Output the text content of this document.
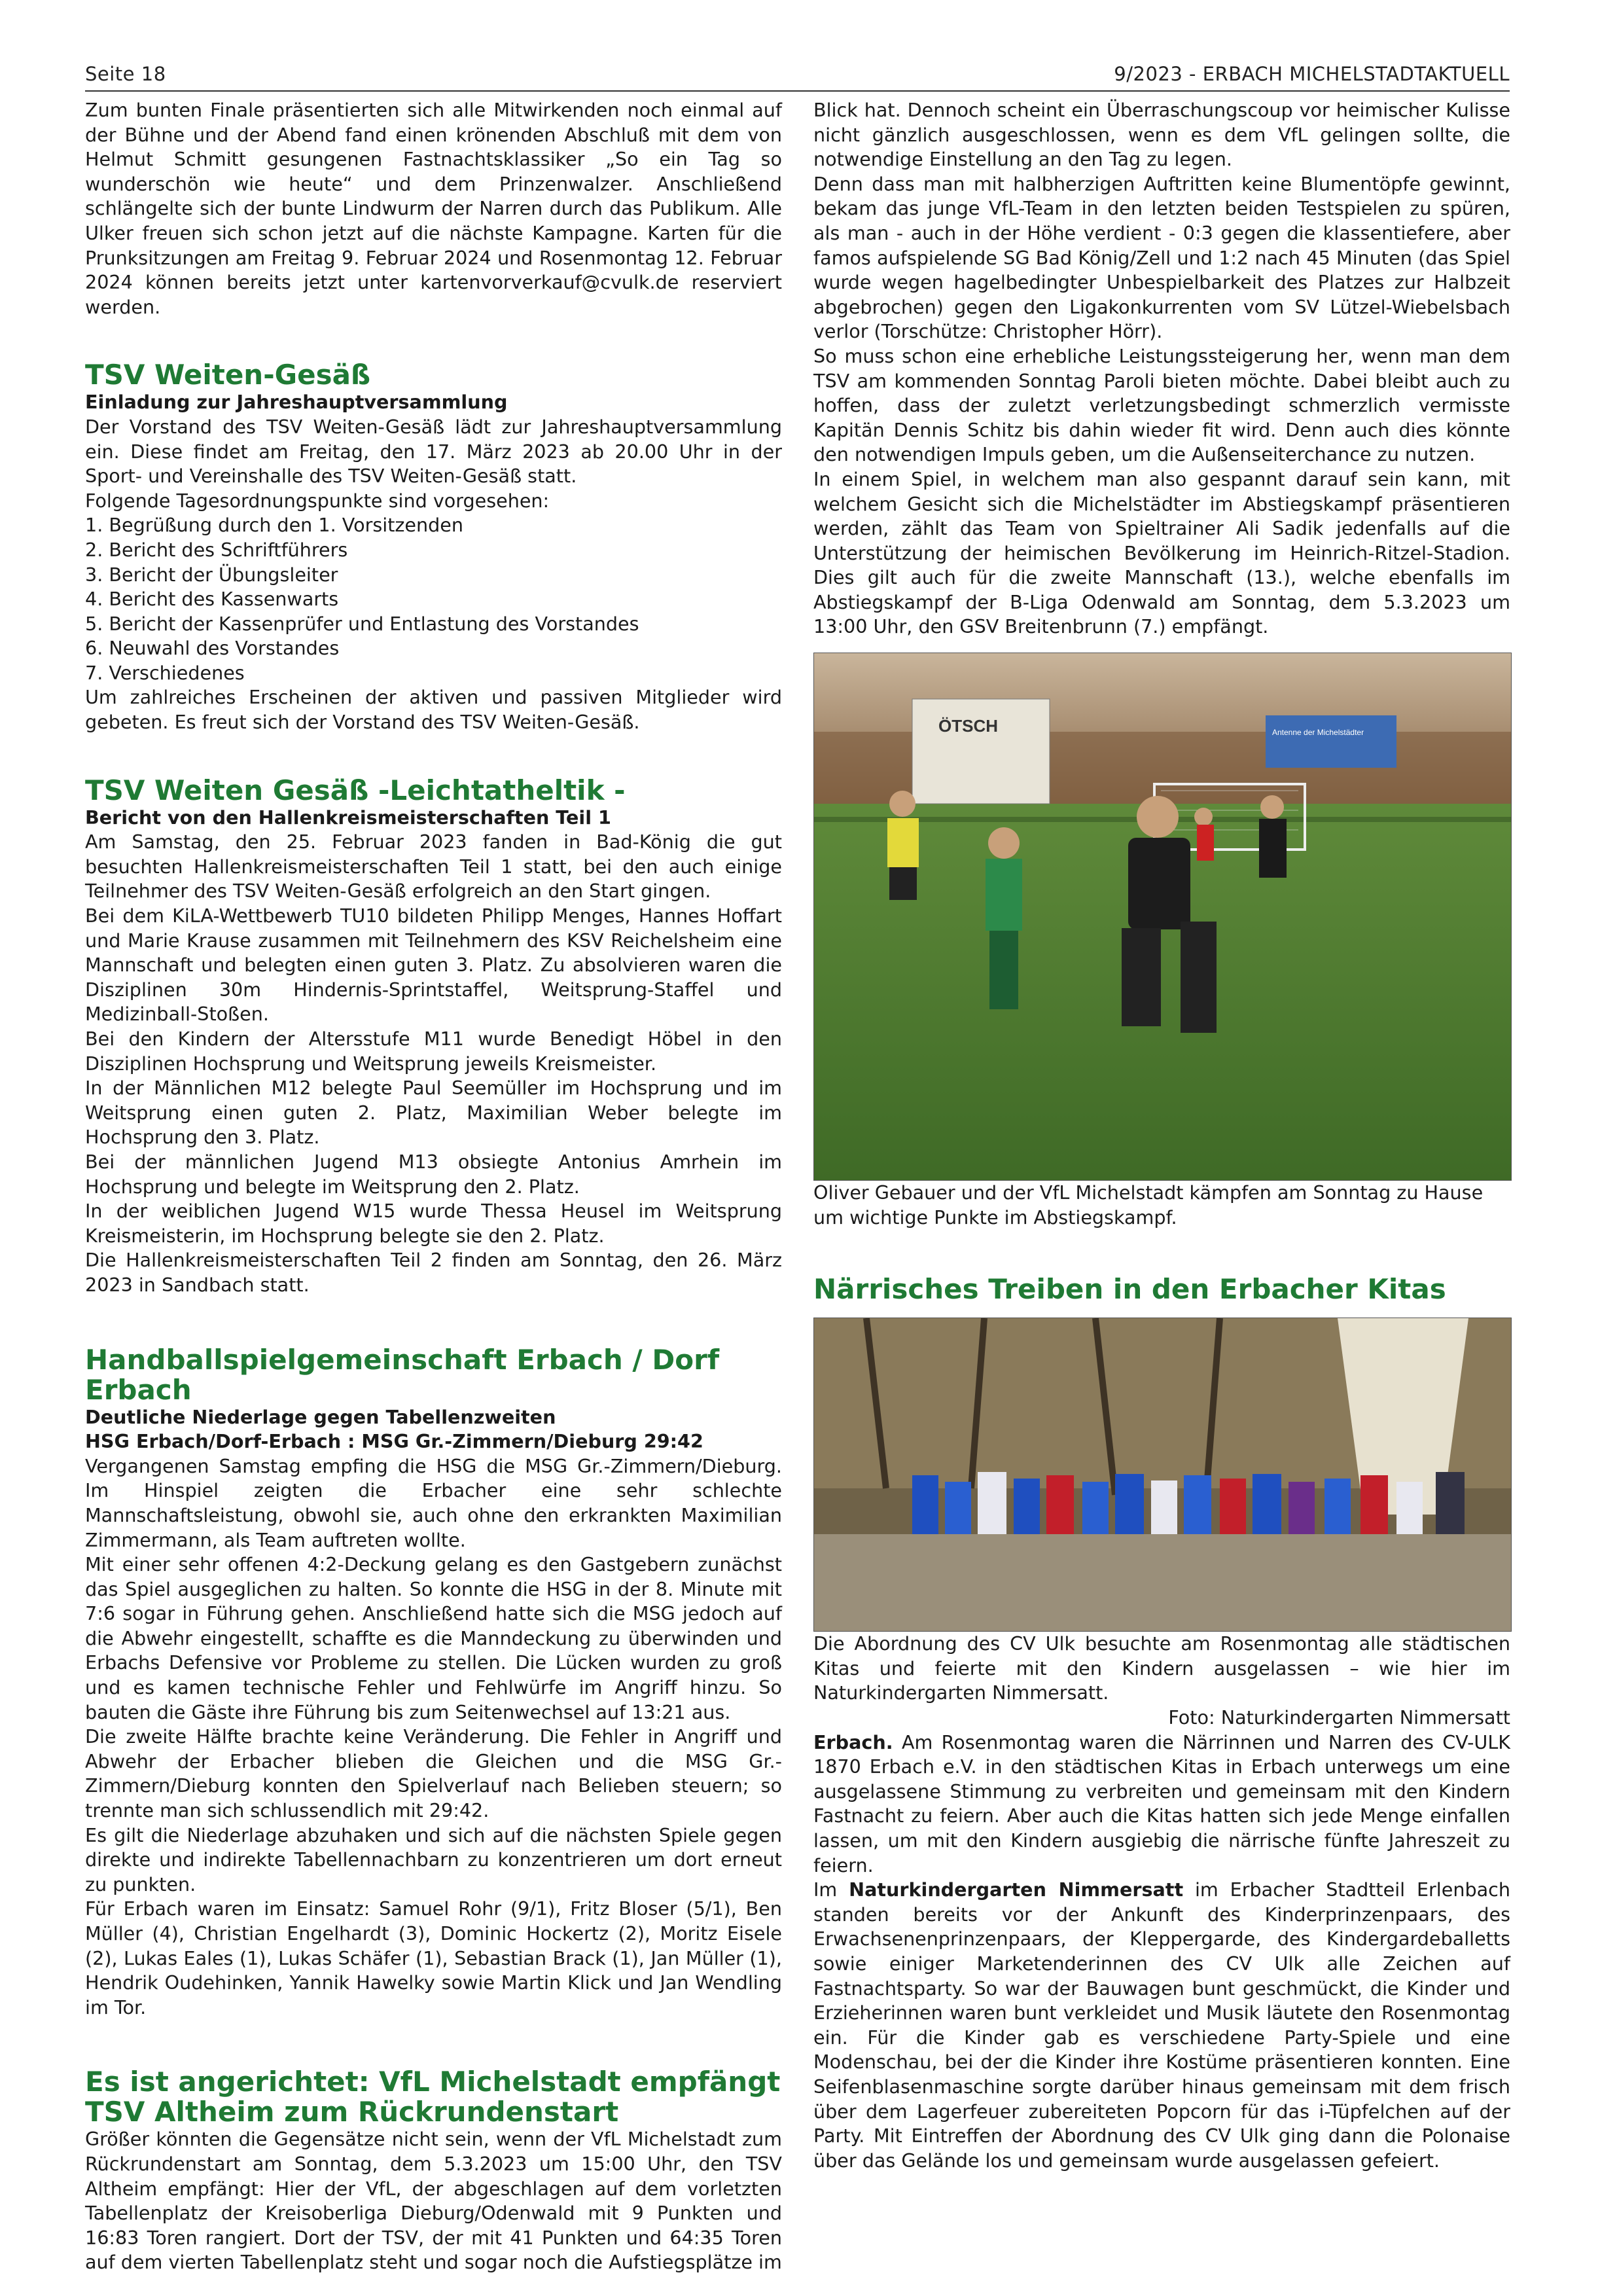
Seite 18	9/2023 - ERBACH MICHELSTADTAKTUELL

Zum bunten Finale präsentierten sich alle Mitwirkenden noch einmal auf der Bühne und der Abend fand einen krönenden Abschluß mit dem von Helmut Schmitt gesungenen Fastnachtsklassiker „So ein Tag so wunderschön wie heute“ und dem Prinzenwalzer. Anschließend schlängelte sich der bunte Lindwurm der Narren durch das Publikum. Alle Ulker freuen sich schon jetzt auf die nächste Kampagne. Karten für die Prunksitzungen am Freitag 9. Februar 2024 und Rosenmontag 12. Februar 2024 können bereits jetzt unter kartenvorverkauf@cvulk.de reserviert werden.

TSV Weiten-Gesäß

Einladung zur Jahreshauptversammlung

Der Vorstand des TSV Weiten-Gesäß lädt zur Jahreshauptversammlung ein. Diese findet am Freitag, den 17. März 2023 ab 20.00 Uhr in der Sport- und Vereinshalle des TSV Weiten-Gesäß statt.

Folgende Tagesordnungspunkte sind vorgesehen:

1. Begrüßung durch den 1. Vorsitzenden
2. Bericht des Schriftführers
3. Bericht der Übungsleiter
4. Bericht des Kassenwarts
5. Bericht der Kassenprüfer und Entlastung des Vorstandes
6. Neuwahl des Vorstandes
7. Verschiedenes

Um zahlreiches Erscheinen der aktiven und passiven Mitglieder wird gebeten. Es freut sich der Vorstand des TSV Weiten-Gesäß.

TSV Weiten Gesäß -Leichtatheltik -

Bericht von den Hallenkreismeisterschaften Teil 1

Am Samstag, den 25. Februar 2023 fanden in Bad-König die gut besuchten Hallenkreismeisterschaften Teil 1 statt, bei den auch einige Teilnehmer des TSV Weiten-Gesäß erfolgreich an den Start gingen.

Bei dem KiLA-Wettbewerb TU10 bildeten Philipp Menges, Hannes Hoffart und Marie Krause zusammen mit Teilnehmern des KSV Reichelsheim eine Mannschaft und belegten einen guten 3. Platz. Zu absolvieren waren die Disziplinen 30m Hindernis-Sprintstaffel, Weitsprung-Staffel und Medizinball-Stoßen.

Bei den Kindern der Altersstufe M11 wurde Benedigt Höbel in den Disziplinen Hochsprung und Weitsprung jeweils Kreismeister.

In der Männlichen M12 belegte Paul Seemüller im Hochsprung und im Weitsprung einen guten 2. Platz, Maximilian Weber belegte im Hochsprung den 3. Platz.

Bei der männlichen Jugend M13 obsiegte Antonius Amrhein im Hochsprung und belegte im Weitsprung den 2. Platz.

In der weiblichen Jugend W15 wurde Thessa Heusel im Weitsprung Kreismeisterin, im Hochsprung belegte sie den 2. Platz.

Die Hallenkreismeisterschaften Teil 2 finden am Sonntag, den 26. März 2023 in Sandbach statt.

Handballspielgemeinschaft Erbach / Dorf Erbach

Deutliche Niederlage gegen Tabellenzweiten

HSG Erbach/Dorf-Erbach : MSG Gr.-Zimmern/Dieburg 29:42

Vergangenen Samstag empfing die HSG die MSG Gr.-Zimmern/Dieburg. Im Hinspiel zeigten die Erbacher eine sehr schlechte Mannschaftsleistung, obwohl sie, auch ohne den erkrankten Maximilian Zimmermann, als Team auftreten wollte.

Mit einer sehr offenen 4:2-Deckung gelang es den Gastgebern zunächst das Spiel ausgeglichen zu halten. So konnte die HSG in der 8. Minute mit 7:6 sogar in Führung gehen. Anschließend hatte sich die MSG jedoch auf die Abwehr eingestellt, schaffte es die Manndeckung zu überwinden und Erbachs Defensive vor Probleme zu stellen. Die Lücken wurden zu groß und es kamen technische Fehler und Fehlwürfe im Angriff hinzu. So bauten die Gäste ihre Führung bis zum Seitenwechsel auf 13:21 aus.

Die zweite Hälfte brachte keine Veränderung. Die Fehler in Angriff und Abwehr der Erbacher blieben die Gleichen und die MSG Gr.-Zimmern/Dieburg konnten den Spielverlauf nach Belieben steuern; so trennte man sich schlussendlich mit 29:42.

Es gilt die Niederlage abzuhaken und sich auf die nächsten Spiele gegen direkte und indirekte Tabellennachbarn zu konzentrieren um dort erneut zu punkten.

Für Erbach waren im Einsatz: Samuel Rohr (9/1), Fritz Bloser (5/1), Ben Müller (4), Christian Engelhardt (3), Dominic Hockertz (2), Moritz Eisele (2), Lukas Eales (1), Lukas Schäfer (1), Sebastian Brack (1), Jan Müller (1), Hendrik Oudehinken, Yannik Hawelky sowie Martin Klick und Jan Wendling im Tor.

Es ist angerichtet: VfL Michelstadt empfängt
TSV Altheim zum Rückrundenstart

Größer könnten die Gegensätze nicht sein, wenn der VfL Michelstadt zum Rückrundenstart am Sonntag, dem 5.3.2023 um 15:00 Uhr, den TSV Altheim empfängt: Hier der VfL, der abgeschlagen auf dem vorletzten Tabellenplatz der Kreisoberliga Dieburg/Odenwald mit 9 Punkten und 16:83 Toren rangiert. Dort der TSV, der mit 41 Punkten und 64:35 Toren auf dem vierten Tabellenplatz steht und sogar noch die Aufstiegsplätze im

Blick hat. Dennoch scheint ein Überraschungscoup vor heimischer Kulisse nicht gänzlich ausgeschlossen, wenn es dem VfL gelingen sollte, die notwendige Einstellung an den Tag zu legen.

Denn dass man mit halbherzigen Auftritten keine Blumentöpfe gewinnt, bekam das junge VfL-Team in den letzten beiden Testspielen zu spüren, als man - auch in der Höhe verdient - 0:3 gegen die klassentiefere, aber famos aufspielende SG Bad König/Zell und 1:2 nach 45 Minuten (das Spiel wurde wegen hagelbedingter Unbespielbarkeit des Platzes zur Halbzeit abgebrochen) gegen den Ligakonkurrenten vom SV Lützel-Wiebelsbach verlor (Torschütze: Christopher Hörr).

So muss schon eine erhebliche Leistungssteigerung her, wenn man dem TSV am kommenden Sonntag Paroli bieten möchte. Dabei bleibt auch zu hoffen, dass der zuletzt verletzungsbedingt schmerzlich vermisste Kapitän Dennis Schitz bis dahin wieder fit wird. Denn auch dies könnte den notwendigen Impuls geben, um die Außenseiterchance zu nutzen.

In einem Spiel, in welchem man also gespannt darauf sein kann, mit welchem Gesicht sich die Michelstädter im Abstiegskampf präsentieren werden, zählt das Team von Spieltrainer Ali Sadik jedenfalls auf die Unterstützung der heimischen Bevölkerung im Heinrich-Ritzel-Stadion. Dies gilt auch für die zweite Mannschaft (13.), welche ebenfalls im Abstiegskampf der B-Liga Odenwald am Sonntag, dem 5.3.2023 um 13:00 Uhr, den GSV Breitenbrunn (7.) empfängt.

ÖTSCH	Antenne der Michelstädter

Oliver Gebauer und der VfL Michelstadt kämpfen am Sonntag zu Hause um wichtige Punkte im Abstiegskampf.

Närrisches Treiben in den Erbacher Kitas

Die Abordnung des CV Ulk besuchte am Rosenmontag alle städtischen Kitas und feierte mit den Kindern ausgelassen – wie hier im Naturkindergarten Nimmersatt.

Foto: Naturkindergarten Nimmersatt

Erbach. Am Rosenmontag waren die Närrinnen und Narren des CV-ULK 1870 Erbach e.V. in den städtischen Kitas in Erbach unterwegs um eine ausgelassene Stimmung zu verbreiten und gemeinsam mit den Kindern Fastnacht zu feiern. Aber auch die Kitas hatten sich jede Menge einfallen lassen, um mit den Kindern ausgiebig die närrische fünfte Jahreszeit zu feiern.

Im Naturkindergarten Nimmersatt im Erbacher Stadtteil Erlenbach standen bereits vor der Ankunft des Kinderprinzenpaars, des Erwachsenenprinzenpaars, der Kleppergarde, des Kindergardeballetts sowie einiger Marketenderinnen des CV Ulk alle Zeichen auf Fastnachtsparty. So war der Bauwagen bunt geschmückt, die Kinder und Erzieherinnen waren bunt verkleidet und Musik läutete den Rosenmontag ein. Für die Kinder gab es verschiedene Party-Spiele und eine Modenschau, bei der die Kinder ihre Kostüme präsentieren konnten. Eine Seifenblasenmaschine sorgte darüber hinaus gemeinsam mit dem frisch über dem Lagerfeuer zubereiteten Popcorn für das i-Tüpfelchen auf der Party. Mit Eintreffen der Abordnung des CV Ulk ging dann die Polonaise über das Gelände los und gemeinsam wurde ausgelassen gefeiert.
